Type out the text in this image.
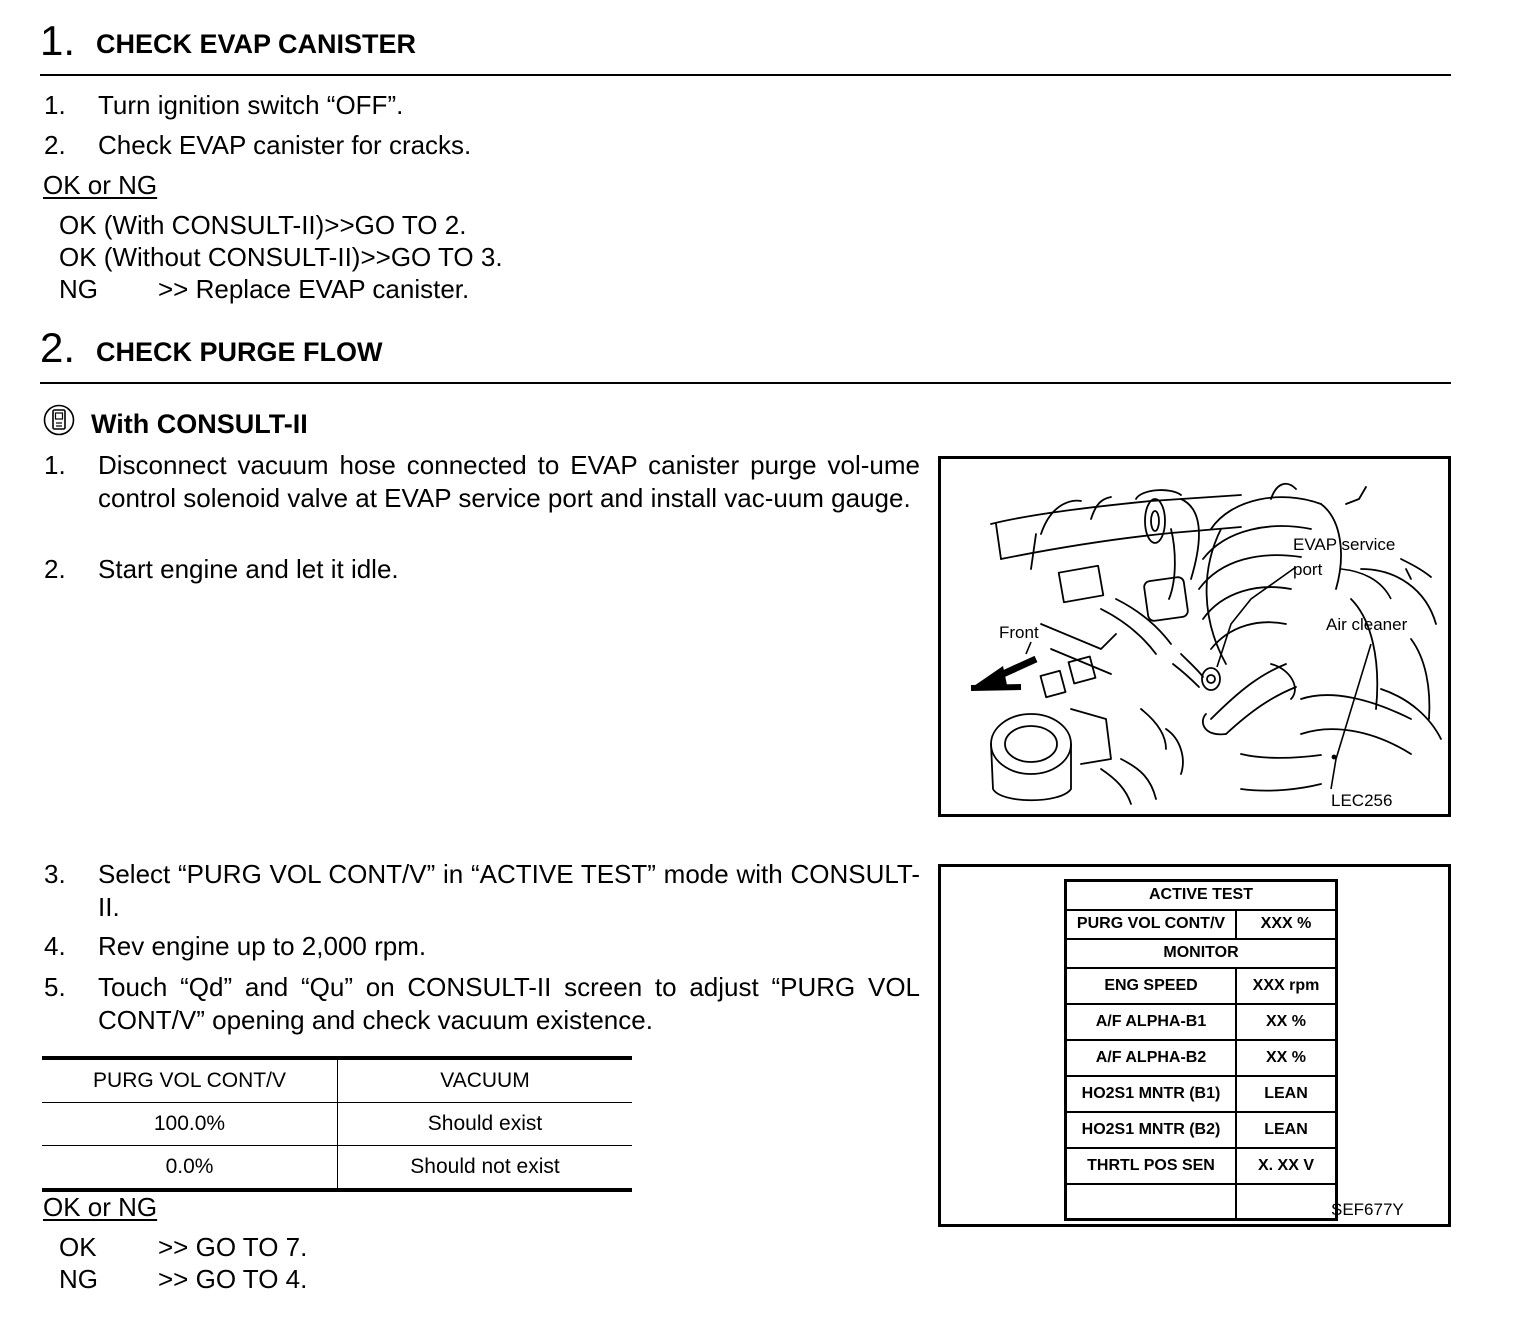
1. CHECK EVAP CANISTER
1. Turn ignition switch “OFF”.
2. Check EVAP canister for cracks.
OK or NG
OK (With CONSULT-II)>>GO TO 2.
OK (Without CONSULT-II)>>GO TO 3.
NG >> Replace EVAP canister.
2. CHECK PURGE FLOW
With CONSULT-II
1. Disconnect vacuum hose connected to EVAP canister purge vol-ume control solenoid valve at EVAP service port and install vac-uum gauge.
2. Start engine and let it idle.
EVAP service
port
Air cleaner
Front
LEC256
3. Select “PURG VOL CONT/V” in “ACTIVE TEST” mode with CONSULT-II.
4. Rev engine up to 2,000 rpm.
5. Touch “Qd” and “Qu” on CONSULT-II screen to adjust “PURG VOL CONT/V” opening and check vacuum existence.
ACTIVE TEST	
PURG VOL CONT/V	XXX %
MONITOR	
ENG SPEED	XXX rpm
A/F ALPHA-B1	XX %
A/F ALPHA-B2	XX %
HO2S1 MNTR (B1)	LEAN
HO2S1 MNTR (B2)	LEAN
THRTL POS SEN	X. XX V

SEF677Y
PURG VOL CONT/V	VACUUM
100.0%	Should exist
0.0%	Should not exist
OK or NG
OK >> GO TO 7.
NG >> GO TO 4.
